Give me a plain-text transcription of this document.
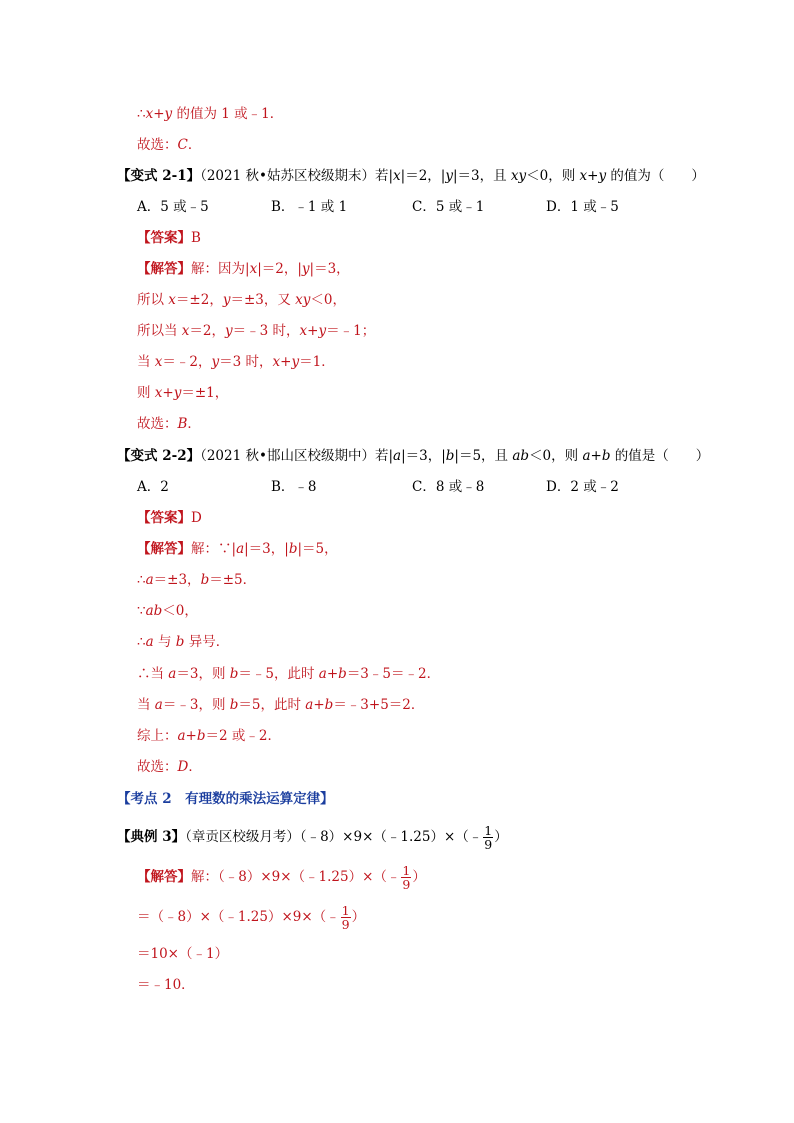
∴x+y 的值为 1 或﹣1．
故选：C．
【变式 2-1】（2021 秋•姑苏区校级期末）若|x|＝2，|y|＝3，且 xy＜0，则 x+y 的值为（　　）
A．5 或﹣5	B．﹣1 或 1	C．5 或﹣1	D．1 或﹣5
【答案】B
【解答】解：因为|x|＝2，|y|＝3，
所以 x＝±2，y＝±3，又 xy＜0，
所以当 x＝2，y＝﹣3 时，x+y＝﹣1；
当 x＝﹣2，y＝3 时，x+y＝1．
则 x+y＝±1，
故选：B．
【变式 2-2】（2021 秋•邯山区校级期中）若|a|＝3，|b|＝5，且 ab＜0，则 a+b 的值是（　　）
A．2	B．﹣8	C．8 或﹣8	D．2 或﹣2
【答案】D
【解答】解：∵|a|＝3，|b|＝5，
∴a＝±3，b＝±5．
∵ab＜0，
∴a 与 b 异号．
∴当 a＝3，则 b＝﹣5，此时 a+b＝3﹣5＝﹣2．
当 a＝﹣3，则 b＝5，此时 a+b＝﹣3+5＝2．
综上：a+b＝2 或﹣2．
故选：D．
【考点 2　有理数的乘法运算定律】
【典例 3】（章贡区校级月考）（﹣8）×9×（﹣1.25）×（﹣ $\frac{1}{9}$ ）
【解答】解：（﹣8）×9×（﹣1.25）×（﹣ $\frac{1}{9}$ ）
＝（﹣8）×（﹣1.25）×9×（﹣ $\frac{1}{9}$ ）
＝10×（﹣1）
＝﹣10．
